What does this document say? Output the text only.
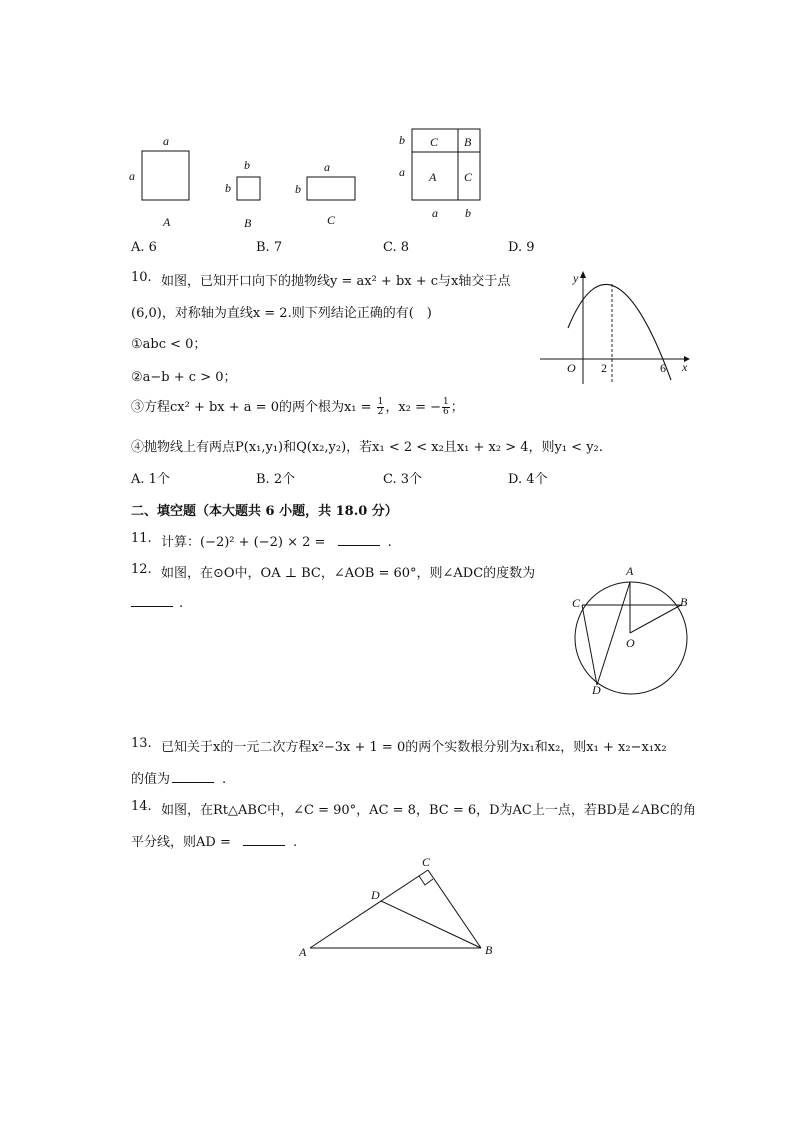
a
a
A
b
b
B
a
b
C
C B
A C
b
a
a b
A. 6	B. 7	C. 8	D. 9
10. 如图，已知开口向下的抛物线y = ax² + bx + c与x轴交于点
(6,0)，对称轴为直线x = 2.则下列结论正确的有(　)
①abc < 0；
②a−b + c > 0；
③方程cx² + bx + a = 0的两个根为$x_1 = \frac{1}{2}$ ，x₂ = − $\frac{1}{6}$ ；
④抛物线上有两点P(x₁,y₁)和Q(x₂,y₂)，若x₁ < 2 < x₂且x₁ + x₂ > 4，则y₁ < y₂.
A. 1个	B. 2个	C. 3个	D. 4个
y
x
O 2	6
二、填空题（本大题共 6 小题，共 18.0 分）
11. 计算：(−2)² + (−2) × 2 =	.
12. 如图，在⊙O中，OA ⊥ BC，∠AOB = 60°，则∠ADC的度数为
.
A
B
C
D
O
13. 已知关于x的一元二次方程x²−3x + 1 = 0的两个实数根分别为x₁和x₂，则x₁ + x₂−x₁x₂
的值为	.
14. 如图，在Rt△ABC中，∠C = 90°，AC = 8，BC = 6，D为AC上一点，若BD是∠ABC的角
平分线，则AD =	.
A	B
C
D
